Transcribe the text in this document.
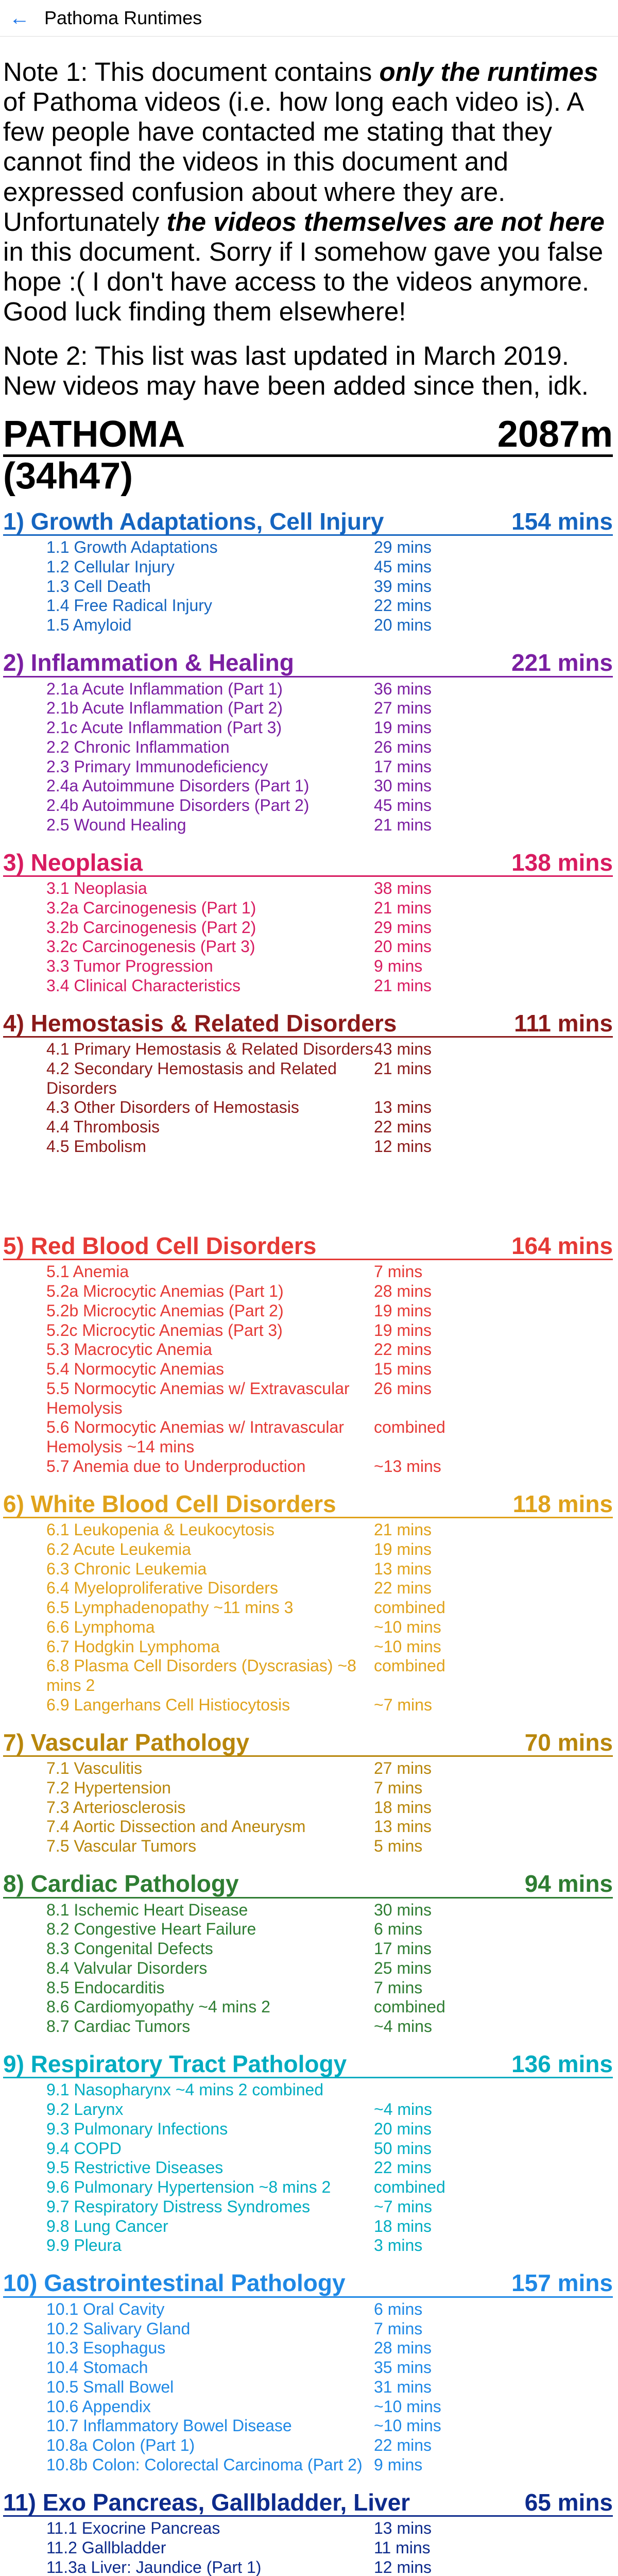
← Pathoma Runtimes

Note 1: This document contains only the runtimes of Pathoma videos (i.e. how long each video is). A few people have contacted me stating that they cannot find the videos in this document and expressed confusion about where they are. Unfortunately the videos themselves are not here in this document. Sorry if I somehow gave you false hope :( I don't have access to the videos anymore. Good luck finding them elsewhere!

Note 2: This list was last updated in March 2019. New videos may have been added since then, idk.

PATHOMA	2087m
(34h47)
1) Growth Adaptations, Cell Injury	154 mins
1.1 Growth Adaptations	29 mins
1.2 Cellular Injury	45 mins
1.3 Cell Death	39 mins
1.4 Free Radical Injury	22 mins
1.5 Amyloid	20 mins
2) Inflammation & Healing	221 mins
2.1a Acute Inflammation (Part 1)	36 mins
2.1b Acute Inflammation (Part 2)	27 mins
2.1c Acute Inflammation (Part 3)	19 mins
2.2 Chronic Inflammation	26 mins
2.3 Primary Immunodeficiency	17 mins
2.4a Autoimmune Disorders (Part 1)	30 mins
2.4b Autoimmune Disorders (Part 2)	45 mins
2.5 Wound Healing	21 mins
3) Neoplasia	138 mins
3.1 Neoplasia	38 mins
3.2a Carcinogenesis (Part 1)	21 mins
3.2b Carcinogenesis (Part 2)	29 mins
3.2c Carcinogenesis (Part 3)	20 mins
3.3 Tumor Progression	9 mins
3.4 Clinical Characteristics	21 mins
4) Hemostasis & Related Disorders	111 mins
4.1 Primary Hemostasis & Related Disorders 43 mins
4.2 Secondary Hemostasis and Related Disorders
21 mins
4.3 Other Disorders of Hemostasis	13 mins
4.4 Thrombosis	22 mins
4.5 Embolism	12 mins
5) Red Blood Cell Disorders	164 mins
5.1 Anemia	7 mins
5.2a Microcytic Anemias (Part 1)	28 mins
5.2b Microcytic Anemias (Part 2)	19 mins
5.2c Microcytic Anemias (Part 3)	19 mins
5.3 Macrocytic Anemia	22 mins
5.4 Normocytic Anemias	15 mins
5.5 Normocytic Anemias w/ Extravascular Hemolysis
26 mins
5.6 Normocytic Anemias w/ Intravascular Hemolysis ~14 mins
combined
5.7 Anemia due to Underproduction	~13 mins
6) White Blood Cell Disorders	118 mins
6.1 Leukopenia & Leukocytosis	21 mins
6.2 Acute Leukemia	19 mins
6.3 Chronic Leukemia	13 mins
6.4 Myeloproliferative Disorders	22 mins
6.5 Lymphadenopathy ~11 mins 3	combined
6.6 Lymphoma	~10 mins
6.7 Hodgkin Lymphoma	~10 mins
6.8 Plasma Cell Disorders (Dyscrasias) ~8 mins 2
combined
6.9 Langerhans Cell Histiocytosis	~7 mins
7) Vascular Pathology	70 mins
7.1 Vasculitis	27 mins
7.2 Hypertension	7 mins
7.3 Arteriosclerosis	18 mins
7.4 Aortic Dissection and Aneurysm	13 mins
7.5 Vascular Tumors	5 mins
8) Cardiac Pathology	94 mins
8.1 Ischemic Heart Disease	30 mins
8.2 Congestive Heart Failure	6 mins
8.3 Congenital Defects	17 mins
8.4 Valvular Disorders	25 mins
8.5 Endocarditis	7 mins
8.6 Cardiomyopathy ~4 mins 2	combined
8.7 Cardiac Tumors	~4 mins
9) Respiratory Tract Pathology	136 mins
9.1 Nasopharynx ~4 mins 2 combined
9.2 Larynx	~4 mins
9.3 Pulmonary Infections	20 mins
9.4 COPD	50 mins
9.5 Restrictive Diseases	22 mins
9.6 Pulmonary Hypertension ~8 mins 2	combined
9.7 Respiratory Distress Syndromes	~7 mins
9.8 Lung Cancer	18 mins
9.9 Pleura	3 mins
10) Gastrointestinal Pathology	157 mins
10.1 Oral Cavity	6 mins
10.2 Salivary Gland	7 mins
10.3 Esophagus	28 mins
10.4 Stomach	35 mins
10.5 Small Bowel	31 mins
10.6 Appendix	~10 mins
10.7 Inflammatory Bowel Disease	~10 mins
10.8a Colon (Part 1)	22 mins
10.8b Colon: Colorectal Carcinoma (Part 2) 9 mins
11) Exo Pancreas, Gallbladder, Liver	65 mins
11.1 Exocrine Pancreas	13 mins
11.2 Gallbladder	11 mins
11.3a Liver: Jaundice (Part 1)	12 mins
